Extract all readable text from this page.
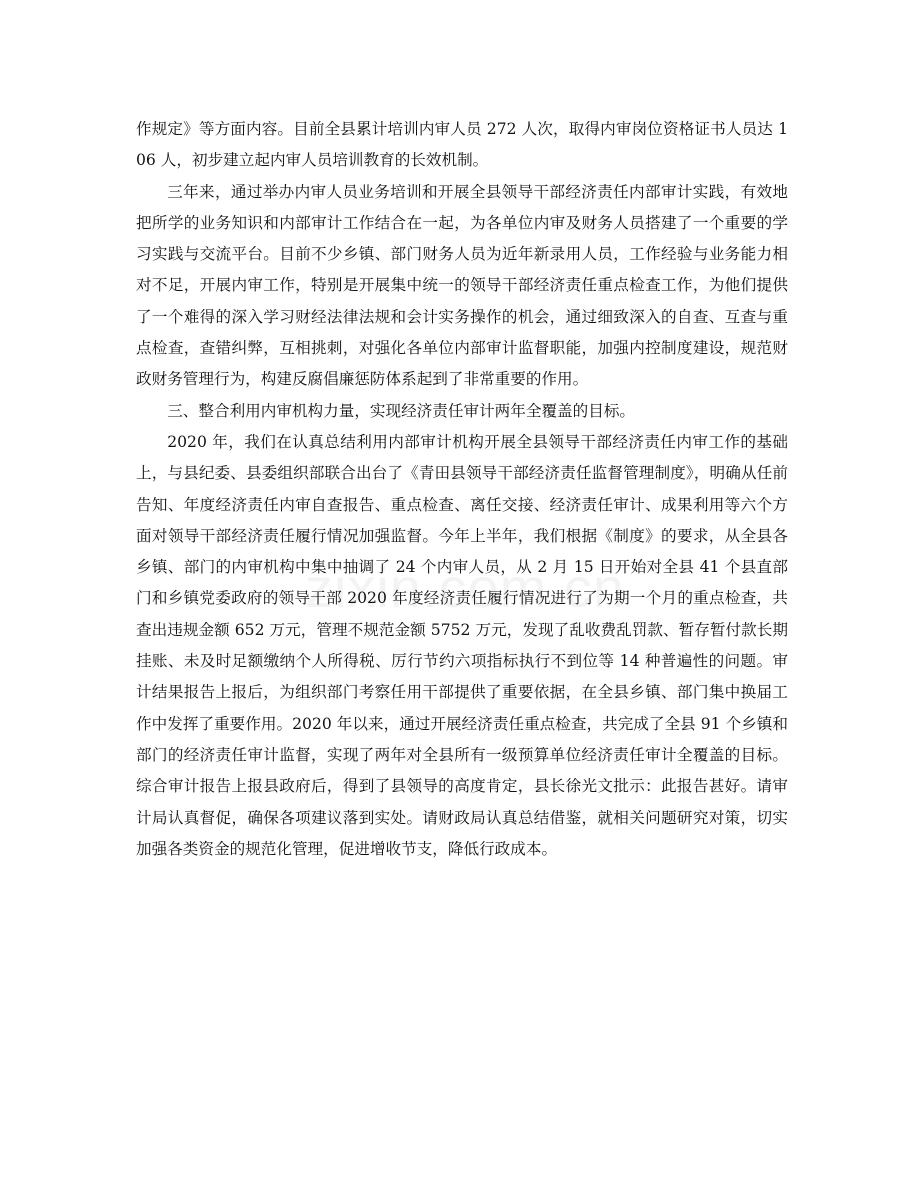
作规定》等方面内容。目前全县累计培训内审人员 272 人次，取得内审岗位资格证书人员达 106 人，初步建立起内审人员培训教育的长效机制。

三年来，通过举办内审人员业务培训和开展全县领导干部经济责任内部审计实践，有效地把所学的业务知识和内部审计工作结合在一起，为各单位内审及财务人员搭建了一个重要的学习实践与交流平台。目前不少乡镇、部门财务人员为近年新录用人员，工作经验与业务能力相对不足，开展内审工作，特别是开展集中统一的领导干部经济责任重点检查工作，为他们提供了一个难得的深入学习财经法律法规和会计实务操作的机会，通过细致深入的自查、互查与重点检查，查错纠弊，互相挑刺，对强化各单位内部审计监督职能，加强内控制度建设，规范财政财务管理行为，构建反腐倡廉惩防体系起到了非常重要的作用。

三、整合利用内审机构力量，实现经济责任审计两年全覆盖的目标。

2020 年，我们在认真总结利用内部审计机构开展全县领导干部经济责任内审工作的基础上，与县纪委、县委组织部联合出台了《青田县领导干部经济责任监督管理制度》，明确从任前告知、年度经济责任内审自查报告、重点检查、离任交接、经济责任审计、成果利用等六个方面对领导干部经济责任履行情况加强监督。今年上半年，我们根据《制度》的要求，从全县各乡镇、部门的内审机构中集中抽调了 24 个内审人员，从 2 月 15 日开始对全县 41 个县直部门和乡镇党委政府的领导干部 2020 年度经济责任履行情况进行了为期一个月的重点检查，共查出违规金额 652 万元，管理不规范金额 5752 万元，发现了乱收费乱罚款、暂存暂付款长期挂账、未及时足额缴纳个人所得税、厉行节约六项指标执行不到位等 14 种普遍性的问题。审计结果报告上报后，为组织部门考察任用干部提供了重要依据，在全县乡镇、部门集中换届工作中发挥了重要作用。2020 年以来，通过开展经济责任重点检查，共完成了全县 91 个乡镇和部门的经济责任审计监督，实现了两年对全县所有一级预算单位经济责任审计全覆盖的目标。综合审计报告上报县政府后，得到了县领导的高度肯定，县长徐光文批示：此报告甚好。请审计局认真督促，确保各项建议落到实处。请财政局认真总结借鉴，就相关问题研究对策，切实加强各类资金的规范化管理，促进增收节支，降低行政成本。
